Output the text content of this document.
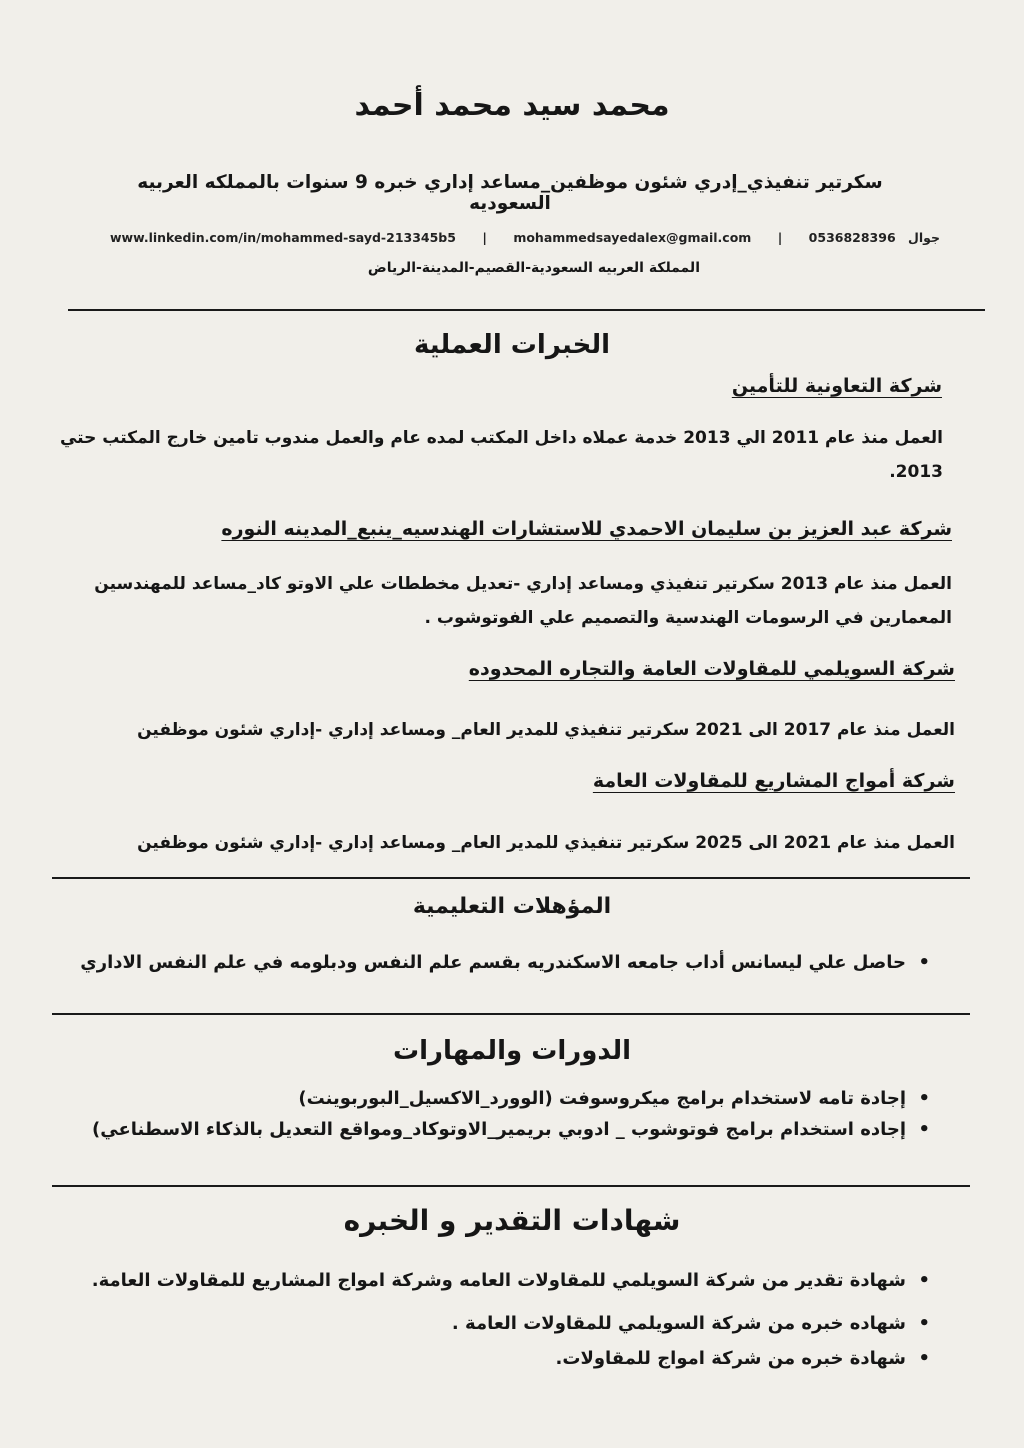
محمد سيد محمد أحمد
سكرتير تنفيذي_إدري شئون موظفين_مساعد إداري خبره 9 سنوات بالمملكه العربيه السعوديه
www.linkedin.com/in/mohammed-sayd-213345b5 | mohammedsayedalex@gmail.com |	جوال 0536828396
المملكة العربيه السعودية-القصيم-المدينة-الرياض
الخبرات العملية
شركة التعاونية للتأمين
العمل منذ عام 2011 الي 2013 خدمة عملاه داخل المكتب لمده عام والعمل مندوب تامين خارج المكتب حتي 2013.
شركة عبد العزيز بن سليمان الاحمدي للاستشارات الهندسيه_ينبع_المدينه النوره
العمل منذ عام 2013 سكرتير تنفيذي ومساعد إداري -تعديل مخططات علي الاوتو كاد_مساعد للمهندسين المعمارين في الرسومات الهندسية والتصميم علي الفوتوشوب .
شركة السويلمي للمقاولات العامة والتجاره المحدوده
العمل منذ عام 2017 الى 2021 سكرتير تنفيذي للمدير العام_ ومساعد إداري -إداري شئون موظفين
شركة أمواج المشاريع للمقاولات العامة
العمل منذ عام 2021 الى 2025 سكرتير تنفيذي للمدير العام_ ومساعد إداري -إداري شئون موظفين
المؤهلات التعليمية
•
حاصل علي ليسانس أداب جامعه الاسكندريه بقسم علم النفس ودبلومه في علم النفس الاداري
الدورات والمهارات
•
إجادة تامه لاستخدام برامج ميكروسوفت (الوورد_الاكسيل_البوربوينت)
•
إجاده استخدام برامج فوتوشوب _ ادوبي بريمير_الاوتوكاد_ومواقع التعديل بالذكاء الاسطناعي)
شهادات التقدير و الخبره
•
شهادة تقدير من شركة السويلمي للمقاولات العامه وشركة امواج المشاريع للمقاولات العامة.
•
شهاده خبره من شركة السويلمي للمقاولات العامة .
•
شهادة خبره من شركة امواج للمقاولات.
